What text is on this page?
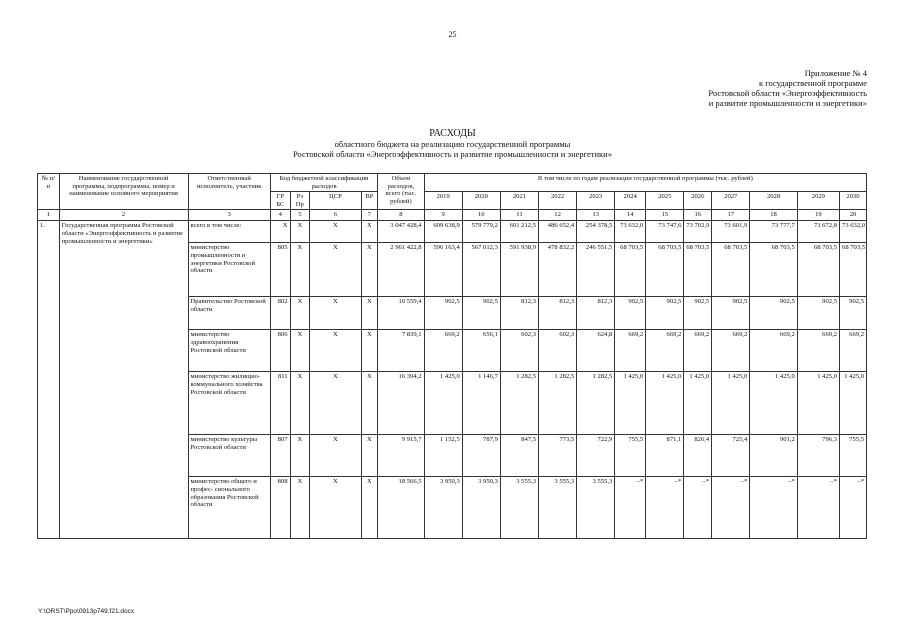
25
Приложение № 4
к государственной программе
Ростовской области «Энергоэффективность
и развитие промышленности и энергетики»
РАСХОДЫ
областного бюджета на реализацию государственной программы
Ростовской области «Энергоэффективность и развитие промышленности и энергетики»
№ п/п	Наименование государственной программы, подпрограммы, номер и наименование основного мероприятия	Ответственный исполнитель, участник	Код бюджетной классификации расходов				Объем расходов, всего (тыс. рублей)	В том числе по годам реализации государственной программы (тыс. рублей)											
			ГР БС	Рз Пр	ЦСР	ВР		2019	2020	2021	2022	2023	2024	2025	2026	2027	2028	2029	2030
1	2	3	4	5	6	7	8	9	10	11	12	13	14	15	16	17	18	19	20
1.	Государственная программа Ростовской области «Энергоэффективность и развитие промышленности и энергетики»	всего в том числе:	Х	Х	Х	Х	3 047 428,4	609 638,9	579 779,2	601 212,5	486 652,4	254 378,5	73 632,0	73 747,6	73 702,9	73 601,9	73 777,7	73 672,8	73 632,0
		министерство промышленности и энергетики Ростовской области	805	Х	Х	Х	2 961 422,8	596 163,4	567 012,3	591 938,9	478 832,2	246 551,5	68 703,5	68 703,5	68 703,5	68 703,5	68 703,5	68 703,5	68 703,5
		Правительство Ростовской области	802	Х	Х	Х	10 559,4	902,5	902,5	812,3	812,3	812,3	902,5	902,5	902,5	902,5	902,5	902,5	902,5
		министерство здравоохранения Ростовской области	806	Х	Х	Х	7 839,1	669,2	656,1	602,3	602,3	624,8	669,2	669,2	669,2	669,2	669,2	669,2	669,2
		министерство жилищно-коммунального хозяйства Ростовской области	811	Х	Х	Х	16 394,2	1 425,0	1 146,7	1 282,5	1 282,5	1 282,5	1 425,0	1 425,0	1 425,0	1 425,0	1 425,0	1 425,0	1 425,0
		министерство культуры Ростовской области	807	Х	Х	Х	9 915,7	1 152,5	787,9	847,5	773,5	722,9	755,5	871,1	826,4	725,4	901,2	796,3	755,5
		министерство общего и профес- сионального образования Ростовской области	808	Х	Х	Х	18 566,5	3 950,3	3 950,3	3 555,3	3 555,3	3 555,3	–*	–*	–*	–*	–*	–*	–*
Y:\ORST\Ppo\0913p749.f21.docx
